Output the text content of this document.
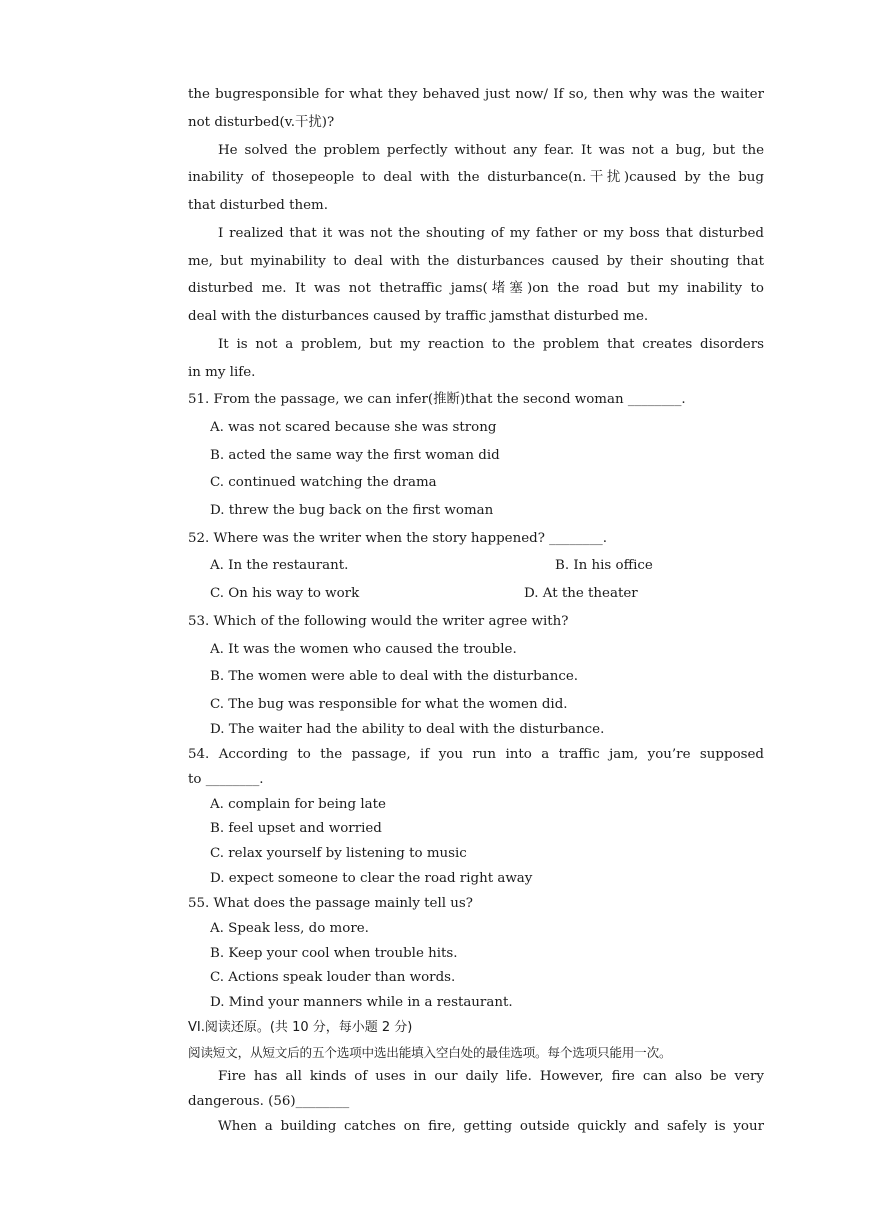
the bugresponsible for what they behaved just now/ If so, then why was the waiter
not disturbed(v.干扰)?
He solved the problem perfectly without any fear. It was not a bug, but the
inability of thosepeople to deal with the disturbance(n.干扰)caused by the bug
that disturbed them.
I realized that it was not the shouting of my father or my boss that disturbed
me, but myinability to deal with the disturbances caused by their shouting that
disturbed me. It was not thetraffic jams(堵塞)on the road but my inability to
deal with the disturbances caused by traffic jamsthat disturbed me.
It is not a problem, but my reaction to the problem that creates disorders
in my life.
51. From the passage, we can infer(推断)that the second woman ________.
A. was not scared because she was strong
B. acted the same way the first woman did
C. continued watching the drama
D. threw the bug back on the first woman
52. Where was the writer when the story happened? ________.
A. In the restaurant.	B. In his office
C. On his way to work	D. At the theater
53. Which of the following would the writer agree with?
A. It was the women who caused the trouble.
B. The women were able to deal with the disturbance.
C. The bug was responsible for what the women did.
D. The waiter had the ability to deal with the disturbance.
54. According to the passage, if you run into a traffic jam, you’re supposed
to ________.
A. complain for being late
B. feel upset and worried
C. relax yourself by listening to music
D. expect someone to clear the road right away
55. What does the passage mainly tell us?
A. Speak less, do more.
B. Keep your cool when trouble hits.
C. Actions speak louder than words.
D. Mind your manners while in a restaurant.
VI.阅读还原。(共 10 分，每小题 2 分)
阅读短文，从短文后的五个选项中选出能填入空白处的最佳选项。每个选项只能用一次。
Fire has all kinds of uses in our daily life. However, fire can also be very
dangerous. (56)________
When a building catches on fire, getting outside quickly and safely is your
